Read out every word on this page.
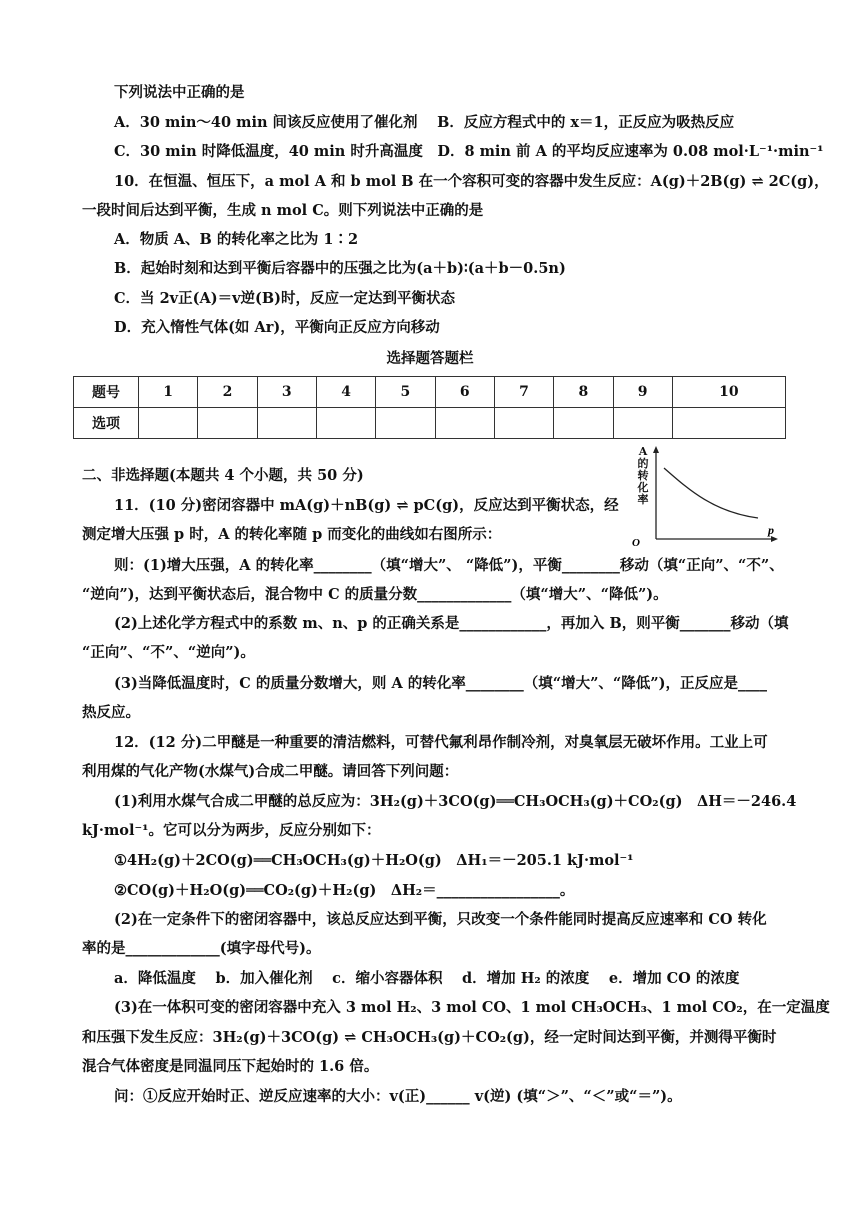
下列说法中正确的是
A．30 min～40 min 间该反应使用了催化剂　 B．反应方程式中的 x＝1，正反应为吸热反应
C．30 min 时降低温度，40 min 时升高温度　D．8 min 前 A 的平均反应速率为 0.08 mol·L⁻¹·min⁻¹
10．在恒温、恒压下，a mol A 和 b mol B 在一个容积可变的容器中发生反应：A(g)＋2B(g) ⇌ 2C(g)，
一段时间后达到平衡，生成 n mol C。则下列说法中正确的是
A．物质 A、B 的转化率之比为 1∶2
B．起始时刻和达到平衡后容器中的压强之比为(a＋b)∶(a＋b－0.5n)
C．当 2v正(A)＝v逆(B)时，反应一定达到平衡状态
D．充入惰性气体(如 Ar)，平衡向正反应方向移动
选择题答题栏
题号	1	2	3	4	5	6	7	8	9	10
选项										
二、非选择题(本题共 4 个小题，共 50 分)
A的转化率
O
p
11．(10 分)密闭容器中 mA(g)＋nB(g) ⇌ pC(g)，反应达到平衡状态，经
测定增大压强 p 时，A 的转化率随 p 而变化的曲线如右图所示：
则：(1)增大压强，A 的转化率________（填“增大”、 “降低”)，平衡________移动（填“正向”、“不”、
“逆向”)，达到平衡状态后，混合物中 C 的质量分数_____________（填“增大”、“降低”)。
(2)上述化学方程式中的系数 m、n、p 的正确关系是____________，再加入 B，则平衡_______移动（填
“正向”、“不”、“逆向”)。
(3)当降低温度时，C 的质量分数增大，则 A 的转化率________（填“增大”、“降低”)，正反应是____
热反应。
12．(12 分)二甲醚是一种重要的清洁燃料，可替代氟利昂作制冷剂，对臭氧层无破坏作用。工业上可
利用煤的气化产物(水煤气)合成二甲醚。请回答下列问题：
(1)利用水煤气合成二甲醚的总反应为：3H₂(g)＋3CO(g)══CH₃OCH₃(g)＋CO₂(g)　ΔH＝－246.4
kJ·mol⁻¹。它可以分为两步，反应分别如下：
①4H₂(g)＋2CO(g)══CH₃OCH₃(g)＋H₂O(g)　ΔH₁＝－205.1 kJ·mol⁻¹
②CO(g)＋H₂O(g)══CO₂(g)＋H₂(g)　ΔH₂＝_________________。
(2)在一定条件下的密闭容器中，该总反应达到平衡，只改变一个条件能同时提高反应速率和 CO 转化
率的是_____________(填字母代号)。
a．降低温度　 b．加入催化剂　 c．缩小容器体积　 d．增加 H₂ 的浓度　 e．增加 CO 的浓度
(3)在一体积可变的密闭容器中充入 3 mol H₂、3 mol CO、1 mol CH₃OCH₃、1 mol CO₂，在一定温度
和压强下发生反应：3H₂(g)＋3CO(g) ⇌ CH₃OCH₃(g)＋CO₂(g)，经一定时间达到平衡，并测得平衡时
混合气体密度是同温同压下起始时的 1.6 倍。
问：①反应开始时正、逆反应速率的大小：v(正)______ v(逆) (填“＞”、“＜”或“＝”)。
